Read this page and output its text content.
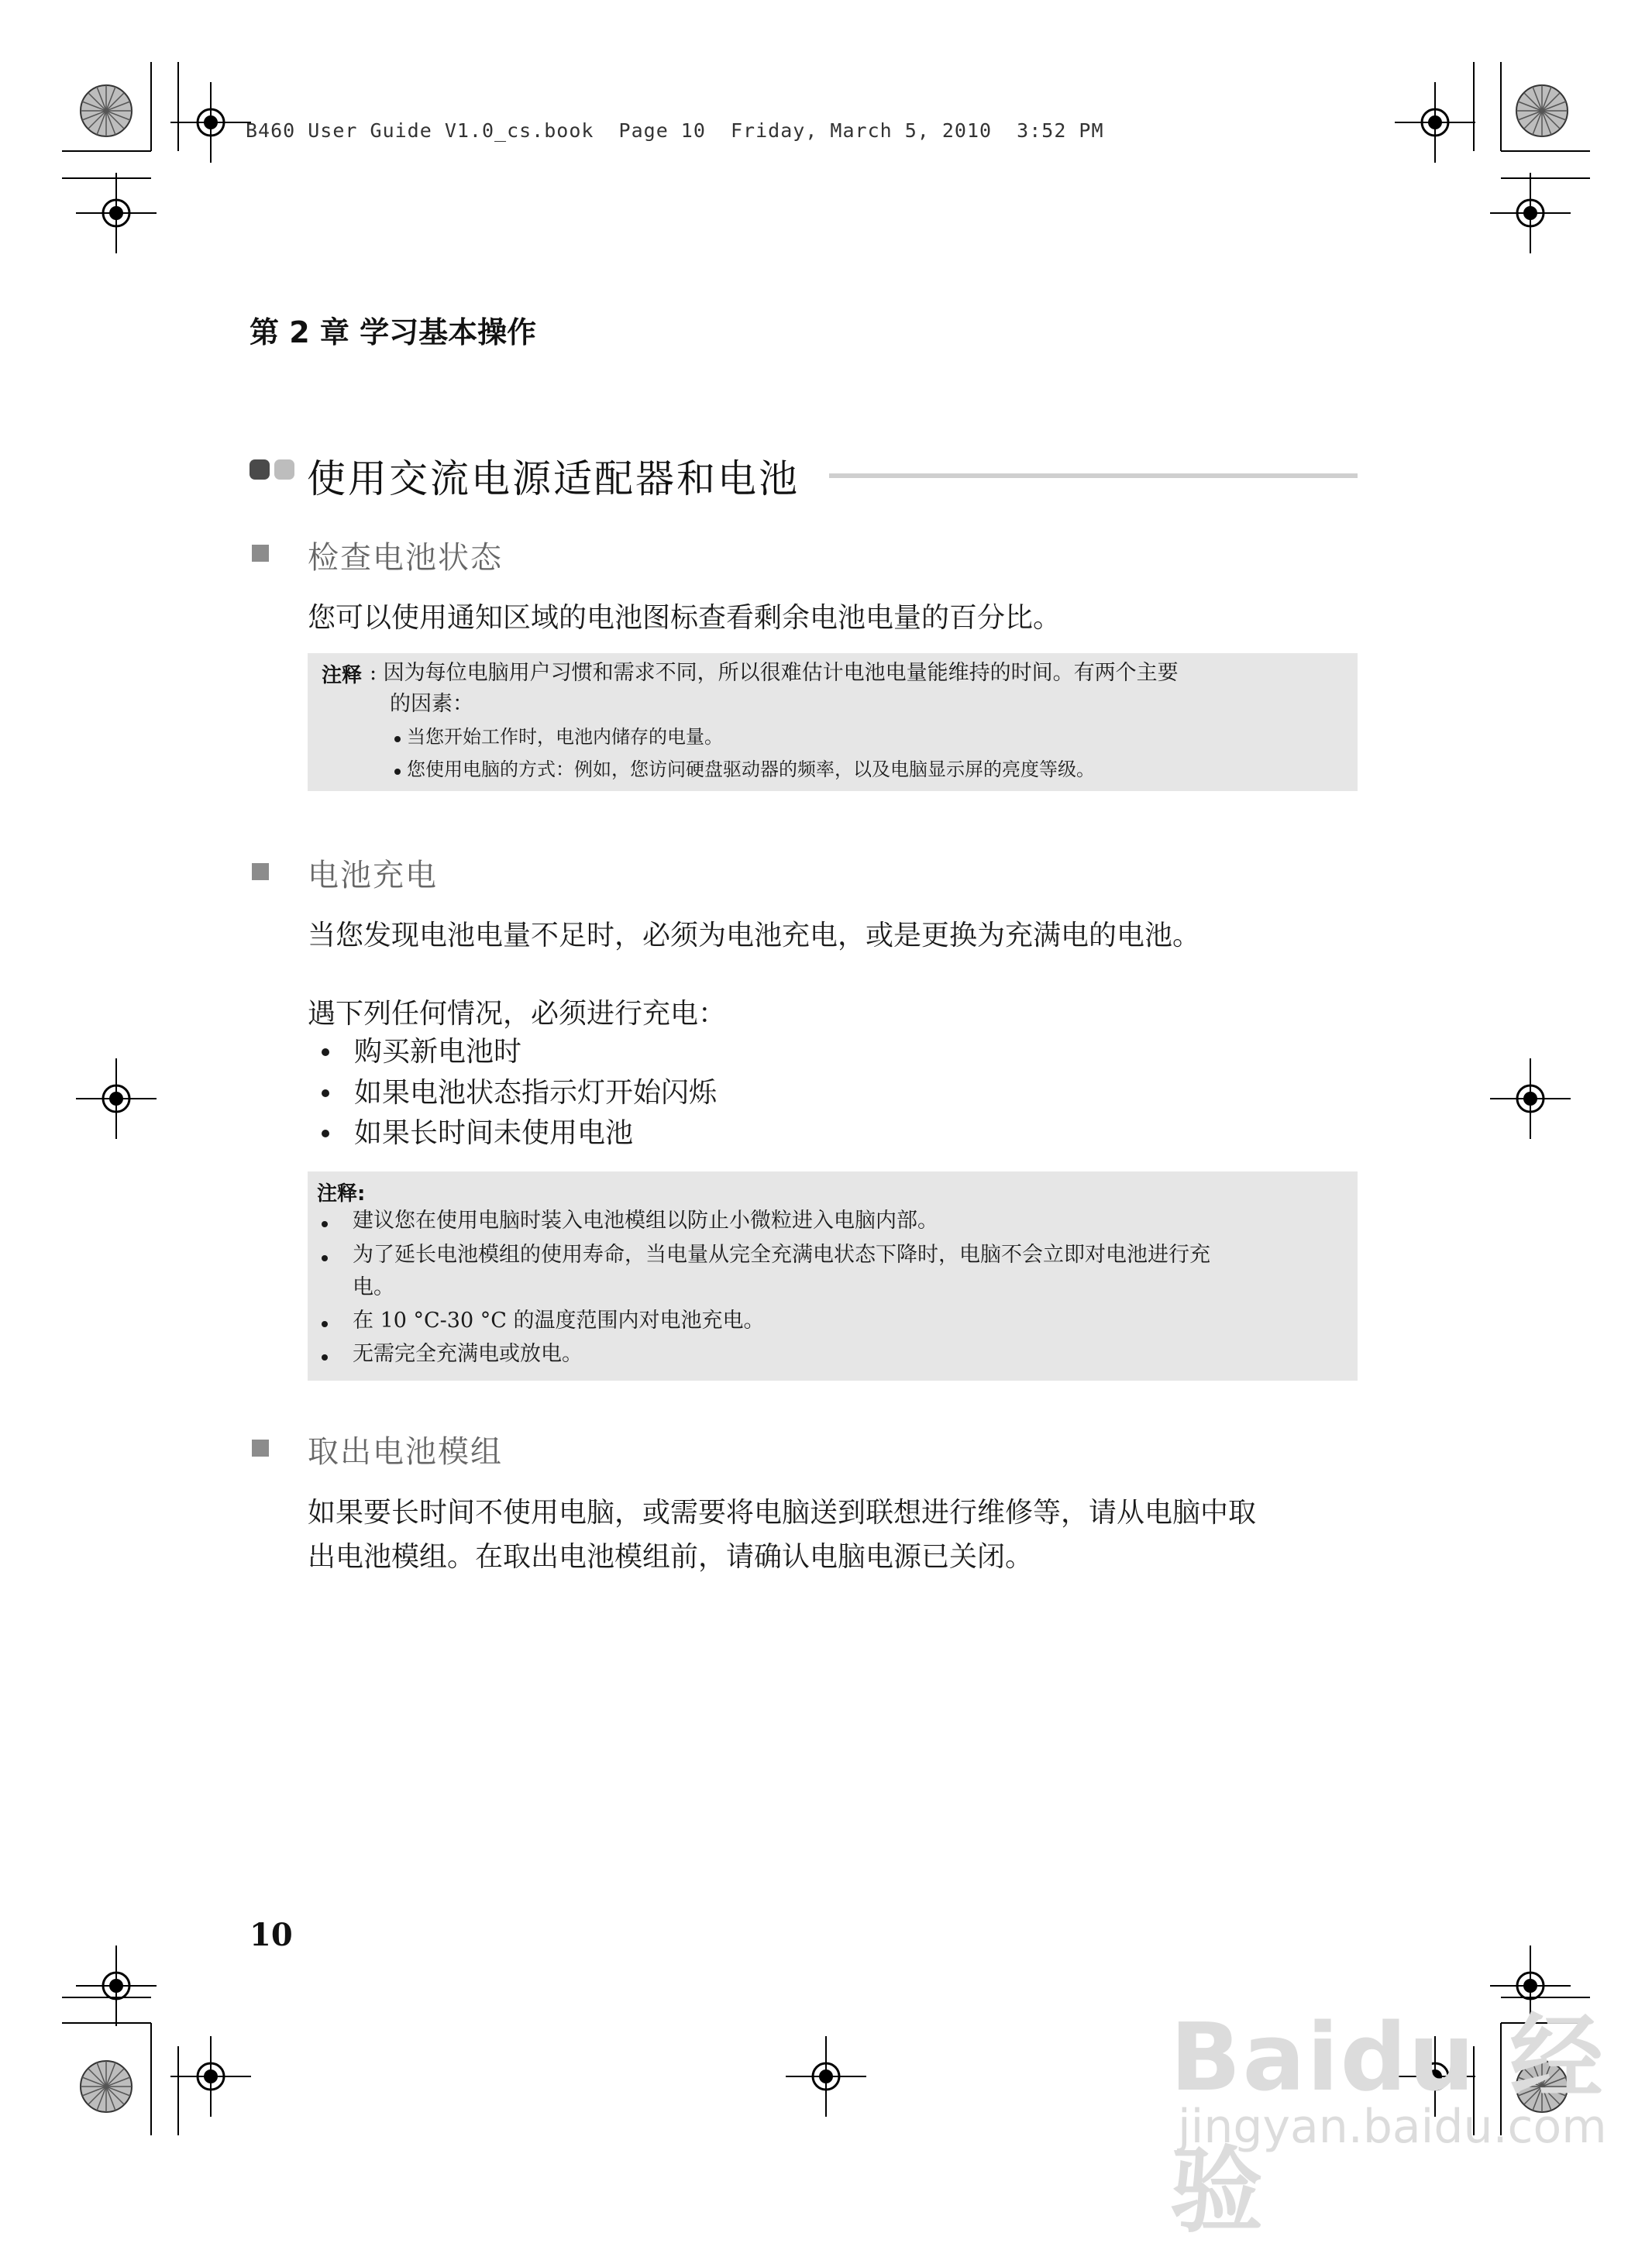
B460 User Guide V1.0_cs.book  Page 10  Friday, March 5, 2010  3:52 PM
第 2 章 学习基本操作
使用交流电源适配器和电池
检查电池状态
您可以使用通知区域的电池图标查看剩余电池电量的百分比。
注释 : 因为每位电脑用户习惯和需求不同，所以很难估计电池电量能维持的时间。有两个主要
的因素：
当您开始工作时，电池内储存的电量。
您使用电脑的方式：例如，您访问硬盘驱动器的频率，以及电脑显示屏的亮度等级。
电池充电
当您发现电池电量不足时，必须为电池充电，或是更换为充满电的电池。
遇下列任何情况，必须进行充电：
购买新电池时
如果电池状态指示灯开始闪烁
如果长时间未使用电池
注释:
建议您在使用电脑时装入电池模组以防止小微粒进入电脑内部。
为了延长电池模组的使用寿命，当电量从完全充满电状态下降时，电脑不会立即对电池进行充
电。
在 10 °C-30 °C 的温度范围内对电池充电。
无需完全充满电或放电。
取出电池模组
如果要长时间不使用电脑，或需要将电脑送到联想进行维修等，请从电脑中取
出电池模组。在取出电池模组前，请确认电脑电源已关闭。
10
Baidu 经验
jingyan.baidu.com
